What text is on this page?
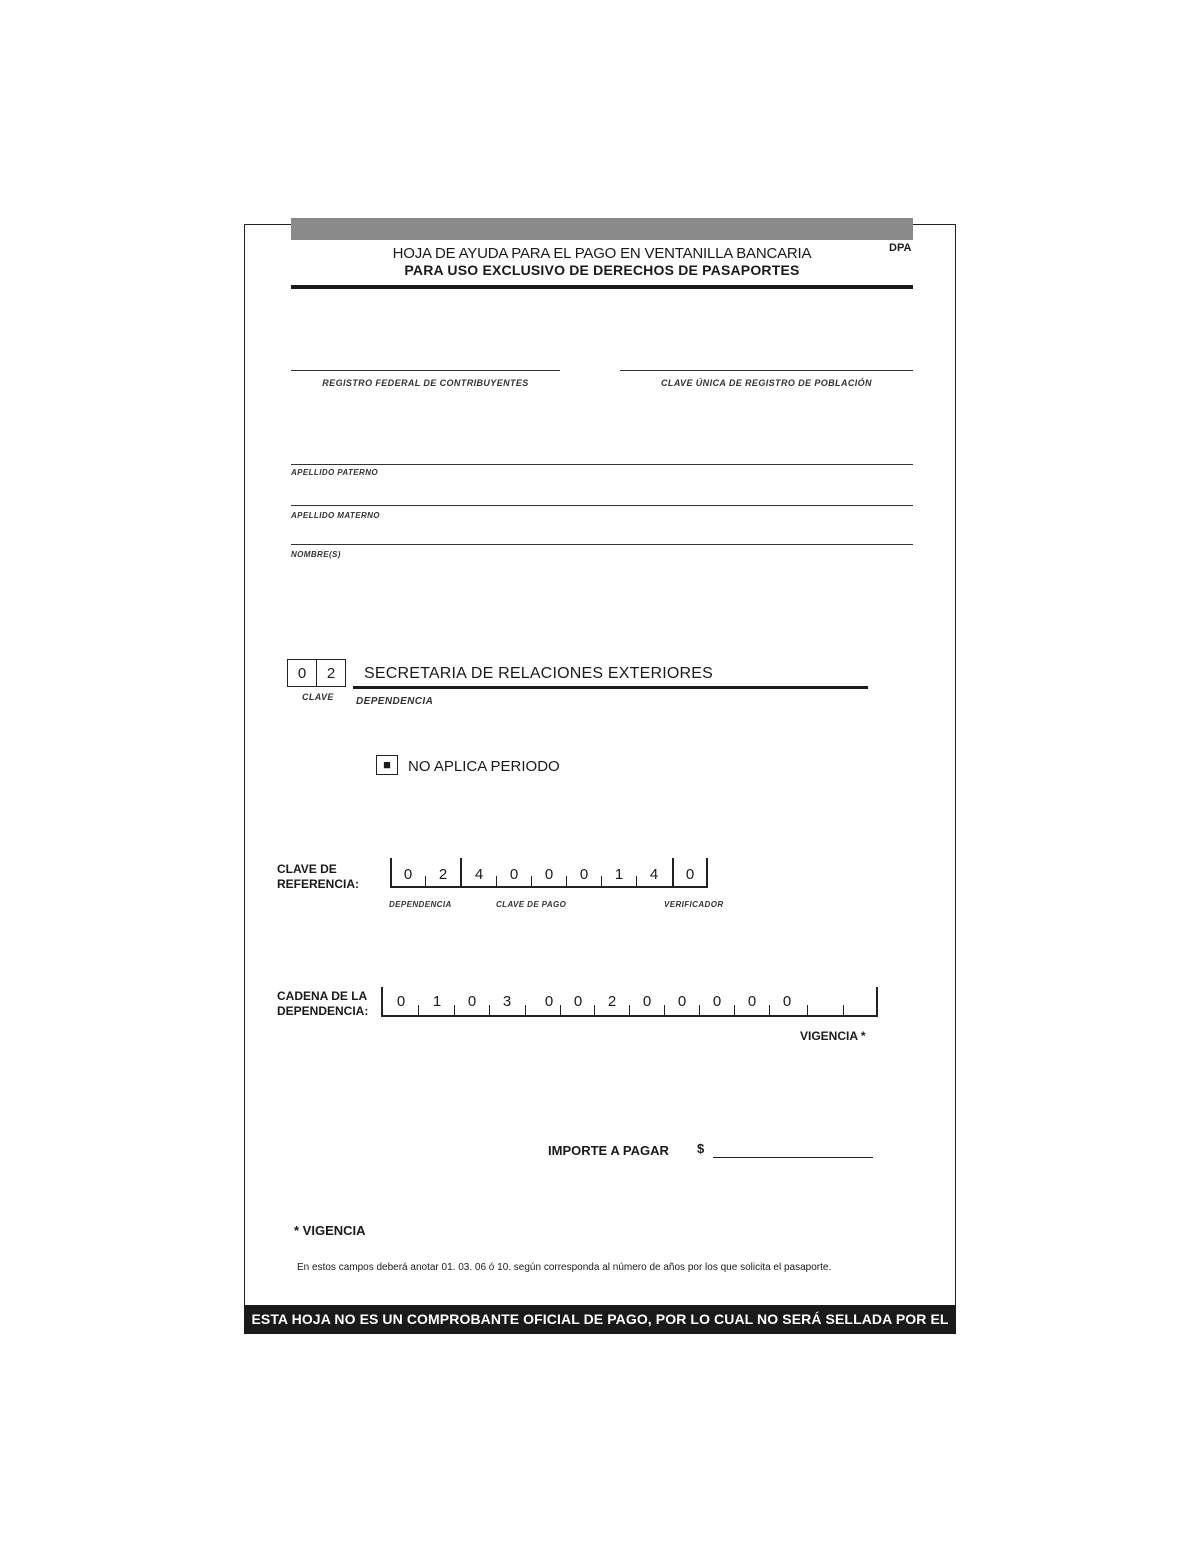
HOJA DE AYUDA PARA EL PAGO EN VENTANILLA BANCARIA
PARA USO EXCLUSIVO DE DERECHOS DE PASAPORTES
DPA
REGISTRO FEDERAL DE CONTRIBUYENTES	CLAVE ÚNICA DE REGISTRO DE POBLACIÓN
APELLIDO PATERNO
APELLIDO MATERNO
NOMBRE(S)
0	2
CLAVE
SECRETARIA DE RELACIONES EXTERIORES
DEPENDENCIA
■	NO APLICA PERIODO
CLAVE DE
REFERENCIA:
0	2	4	0	0	0	1	4	0
DEPENDENCIA	CLAVE DE PAGO	VERIFICADOR
CADENA DE LA
DEPENDENCIA:
0	1	0	3	0	0	2	0	0	0	0	0
VIGENCIA *
IMPORTE A PAGAR $
* VIGENCIA
En estos campos deberá anotar 01. 03. 06 ó 10. según corresponda al número de años por los que solicita el pasaporte.
ESTA HOJA NO ES UN COMPROBANTE OFICIAL DE PAGO, POR LO CUAL NO SERÁ SELLADA POR EL CAJERO
